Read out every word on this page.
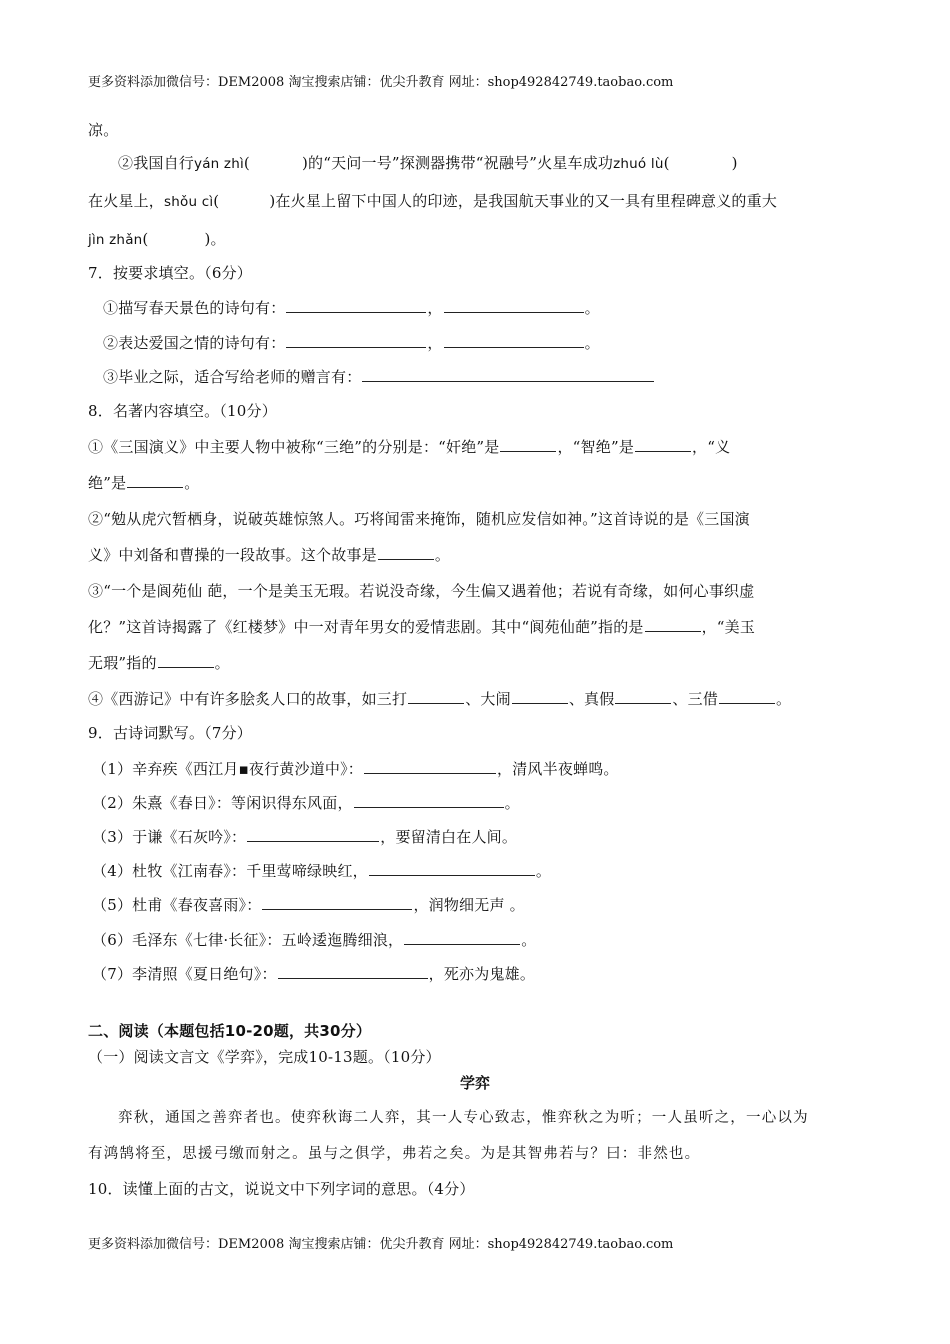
更多资料添加微信号：DEM2008 淘宝搜索店铺：优尖升教育 网址：shop492842749.taobao.com
凉。
②我国自行yán zhì(	)的“天问一号”探测器携带“祝融号”火星车成功zhuó lù(	)
在火星上，shǒu cì(	)在火星上留下中国人的印迹，是我国航天事业的又一具有里程碑意义的重大
jìn zhǎn(	)。
7．按要求填空。（6分）
①描写春天景色的诗句有：	，	。
②表达爱国之情的诗句有：	，	。
③毕业之际，适合写给老师的赠言有：
8．名著内容填空。（10分）
①《三国演义》中主要人物中被称“三绝”的分别是：“奸绝”是	，“智绝”是	，“义
绝”是	。
②“勉从虎穴暂栖身，说破英雄惊煞人。巧将闻雷来掩饰，随机应发信如神。”这首诗说的是《三国演
义》中刘备和曹操的一段故事。这个故事是	。
③“一个是阆苑仙 葩，一个是美玉无瑕。若说没奇缘，今生偏又遇着他；若说有奇缘，如何心事织虚
化？”这首诗揭露了《红楼梦》中一对青年男女的爱情悲剧。其中“阆苑仙葩”指的是	，“美玉
无瑕”指的	。
④《西游记》中有许多脍炙人口的故事，如三打	、大闹	、真假	、三借	。
9．古诗词默写。（7分）
（1）辛弃疾《西江月▪夜行黄沙道中》：	，清风半夜蝉鸣。
（2）朱熹《春日》：等闲识得东风面，	。
（3）于谦《石灰吟》：	，要留清白在人间。
（4）杜牧《江南春》：千里莺啼绿映红，	。
（5）杜甫《春夜喜雨》：	，润物细无声 。
（6）毛泽东《七律·长征》：五岭逶迤腾细浪，	。
（7）李清照《夏日绝句》：	，死亦为鬼雄。
二、阅读（本题包括10-20题，共30分）
（一）阅读文言文《学弈》，完成10-13题。（10分）
学弈
弈秋，通国之善弈者也。使弈秋诲二人弈，其一人专心致志，惟弈秋之为听；一人虽听之，一心以为
有鸿鹄将至，思援弓缴而射之。虽与之俱学，弗若之矣。为是其智弗若与？曰：非然也。
10．读懂上面的古文，说说文中下列字词的意思。（4分）
更多资料添加微信号：DEM2008 淘宝搜索店铺：优尖升教育 网址：shop492842749.taobao.com
